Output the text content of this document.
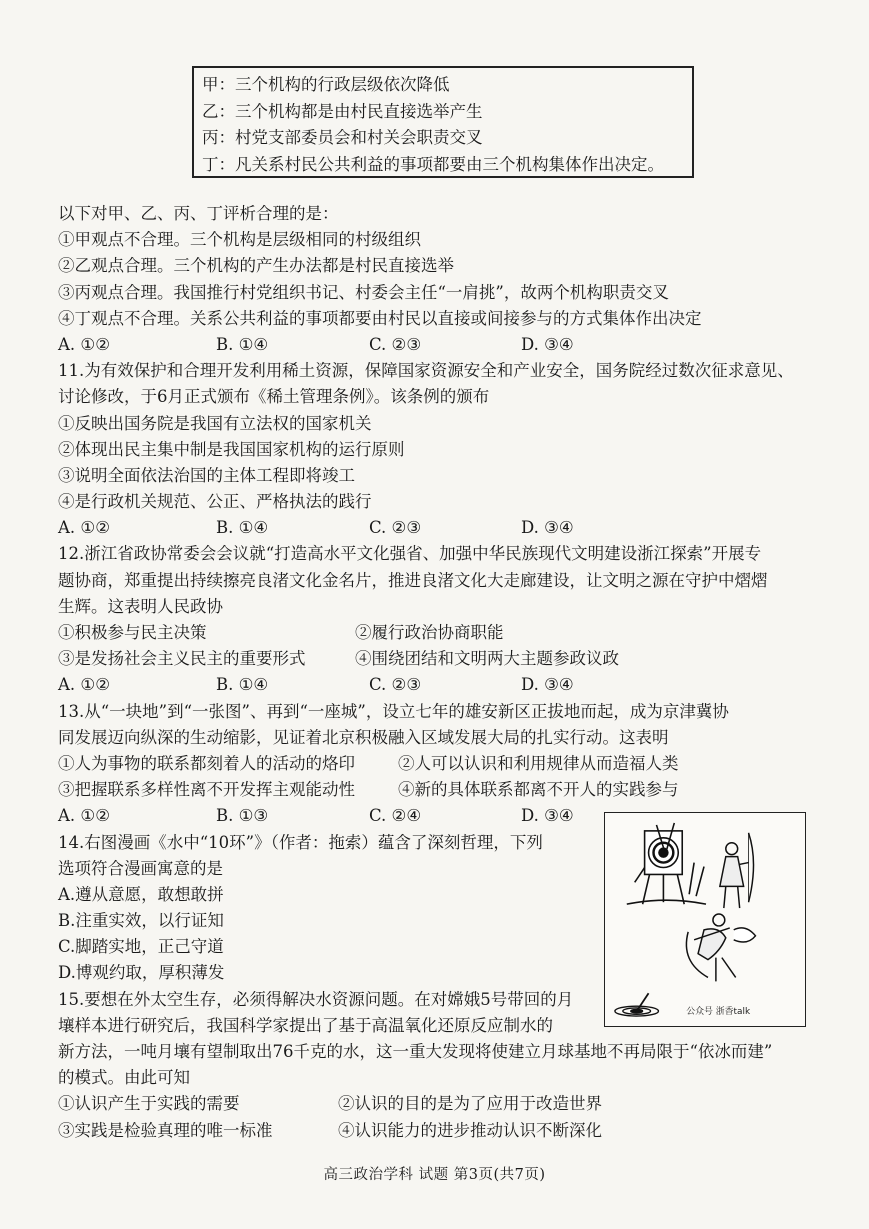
甲：三个机构的行政层级依次降低
乙：三个机构都是由村民直接选举产生
丙：村党支部委员会和村关会职责交叉
丁：凡关系村民公共利益的事项都要由三个机构集体作出决定。
以下对甲、乙、丙、丁评析合理的是：
①甲观点不合理。三个机构是层级相同的村级组织
②乙观点合理。三个机构的产生办法都是村民直接选举
③丙观点合理。我国推行村党组织书记、村委会主任“一肩挑”，故两个机构职责交叉
④丁观点不合理。关系公共利益的事项都要由村民以直接或间接参与的方式集体作出决定
A. ①②	B. ①④	C. ②③	D. ③④
11.为有效保护和合理开发利用稀土资源，保障国家资源安全和产业安全，国务院经过数次征求意见、
讨论修改，于6月正式颁布《稀土管理条例》。该条例的颁布
①反映出国务院是我国有立法权的国家机关
②体现出民主集中制是我国国家机构的运行原则
③说明全面依法治国的主体工程即将竣工
④是行政机关规范、公正、严格执法的践行
A. ①②	B. ①④	C. ②③	D. ③④
12.浙江省政协常委会会议就“打造高水平文化强省、加强中华民族现代文明建设浙江探索”开展专
题协商，郑重提出持续擦亮良渚文化金名片，推进良渚文化大走廊建设，让文明之源在守护中熠熠
生辉。这表明人民政协
①积极参与民主决策	②履行政治协商职能
③是发扬社会主义民主的重要形式	④围绕团结和文明两大主题参政议政
A. ①②	B. ①④	C. ②③	D. ③④
13.从“一块地”到“一张图”、再到“一座城”，设立七年的雄安新区正拔地而起，成为京津冀协
同发展迈向纵深的生动缩影，见证着北京积极融入区域发展大局的扎实行动。这表明
①人为事物的联系都刻着人的活动的烙印	②人可以认识和利用规律从而造福人类
③把握联系多样性离不开发挥主观能动性	④新的具体联系都离不开人的实践参与
A. ①②	B. ①③	C. ②④	D. ③④
14.右图漫画《水中“10环”》（作者：拖索）蕴含了深刻哲理，下列
选项符合漫画寓意的是
A.遵从意愿，敢想敢拼
B.注重实效，以行证知
C.脚踏实地，正己守道
D.博观约取，厚积薄发
15.要想在外太空生存，必须得解决水资源问题。在对嫦娥5号带回的月
壤样本进行研究后，我国科学家提出了基于高温氧化还原反应制水的
新方法，一吨月壤有望制取出76千克的水，这一重大发现将使建立月球基地不再局限于“依冰而建”
的模式。由此可知
①认识产生于实践的需要	②认识的目的是为了应用于改造世界
③实践是检验真理的唯一标准	④认识能力的进步推动认识不断深化
公众号 浙香talk
高三政治学科 试题 第3页(共7页)
